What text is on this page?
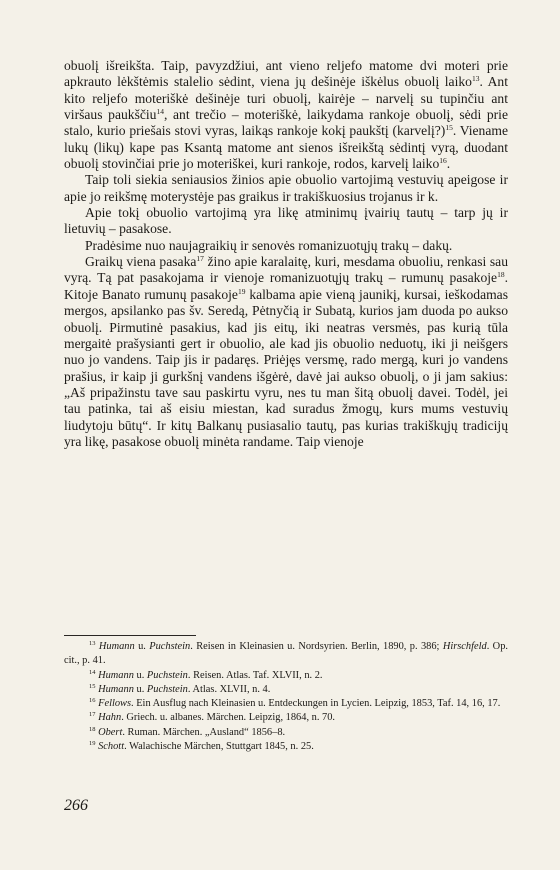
obuolį išreikšta. Taip, pavyzdžiui, ant vieno reljefo matome dvi moteri prie apkrauto lėkštėmis stalelio sėdint, viena jų dešinėje iškėlus obuolį laiko$^{13}$. Ant kito reljefo moteriškė dešinėje turi obuolį, kairėje – narvelį su tupinčiu ant viršaus paukščiu$^{14}$, ant trečio – moteriškė, laikydama rankoje obuolį, sėdi prie stalo, kurio priešais stovi vyras, laikąs rankoje kokį paukštį (karvelį?)$^{15}$. Viename lukų (likų) kape pas Ksantą matome ant sienos išreikštą sėdintį vyrą, duodant obuolį stovinčiai prie jo moteriškei, kuri rankoje, rodos, karvelį laiko$^{16}$.

Taip toli siekia seniausios žinios apie obuolio vartojimą vestuvių apeigose ir apie jo reikšmę moterystėje pas graikus ir trakiškuosius trojanus ir k.

Apie tokį obuolio vartojimą yra likę atminimų įvairių tautų – tarp jų ir lietuvių – pasakose.

Pradėsime nuo naujagraikių ir senovės romanizuotųjų trakų – dakų.

Graikų viena pasaka$^{17}$ žino apie karalaitę, kuri, mesdama obuoliu, renkasi sau vyrą. Tą pat pasakojama ir vienoje romanizuotųjų trakų – rumunų pasakoje$^{18}$. Kitoje Banato rumunų pasakoje$^{19}$ kalbama apie vieną jaunikį, kursai, ieškodamas mergos, apsilanko pas šv. Seredą, Pėtnyčią ir Subatą, kurios jam duoda po aukso obuolį. Pirmutinė pasakius, kad jis eitų, iki neatras versmės, pas kurią tūla mergaitė prašysianti gert ir obuolio, ale kad jis obuolio neduotų, iki ji neišgers nuo jo vandens. Taip jis ir padaręs. Priėjęs versmę, rado mergą, kuri jo vandens prašius, ir kaip ji gurkšnį vandens išgėrė, davė jai aukso obuolį, o ji jam sakius: „Aš pripažinstu tave sau paskirtu vyru, nes tu man šitą obuolį davei. Todėl, jei tau patinka, tai aš eisiu miestan, kad suradus žmogų, kurs mums vestuvių liudytoju būtų“. Ir kitų Balkanų pusiasalio tautų, pas kurias trakiškųjų tradicijų yra likę, pasakose obuolį minėta randame. Taip vienoje

$^{13}$ Humann u. Puchstein. Reisen in Kleinasien u. Nordsyrien. Berlin, 1890, p. 386; Hirschfeld. Op. cit., p. 41.

$^{14}$ Humann u. Puchstein. Reisen. Atlas. Taf. XLVII, n. 2.

$^{15}$ Humann u. Puchstein. Atlas. XLVII, n. 4.

$^{16}$ Fellows. Ein Ausflug nach Kleinasien u. Entdeckungen in Lycien. Leipzig, 1853, Taf. 14, 16, 17.

$^{17}$ Hahn. Griech. u. albanes. Märchen. Leipzig, 1864, n. 70.

$^{18}$ Obert. Ruman. Märchen. „Ausland“ 1856–8.

$^{19}$ Schott. Walachische Märchen, Stuttgart 1845, n. 25.

266
